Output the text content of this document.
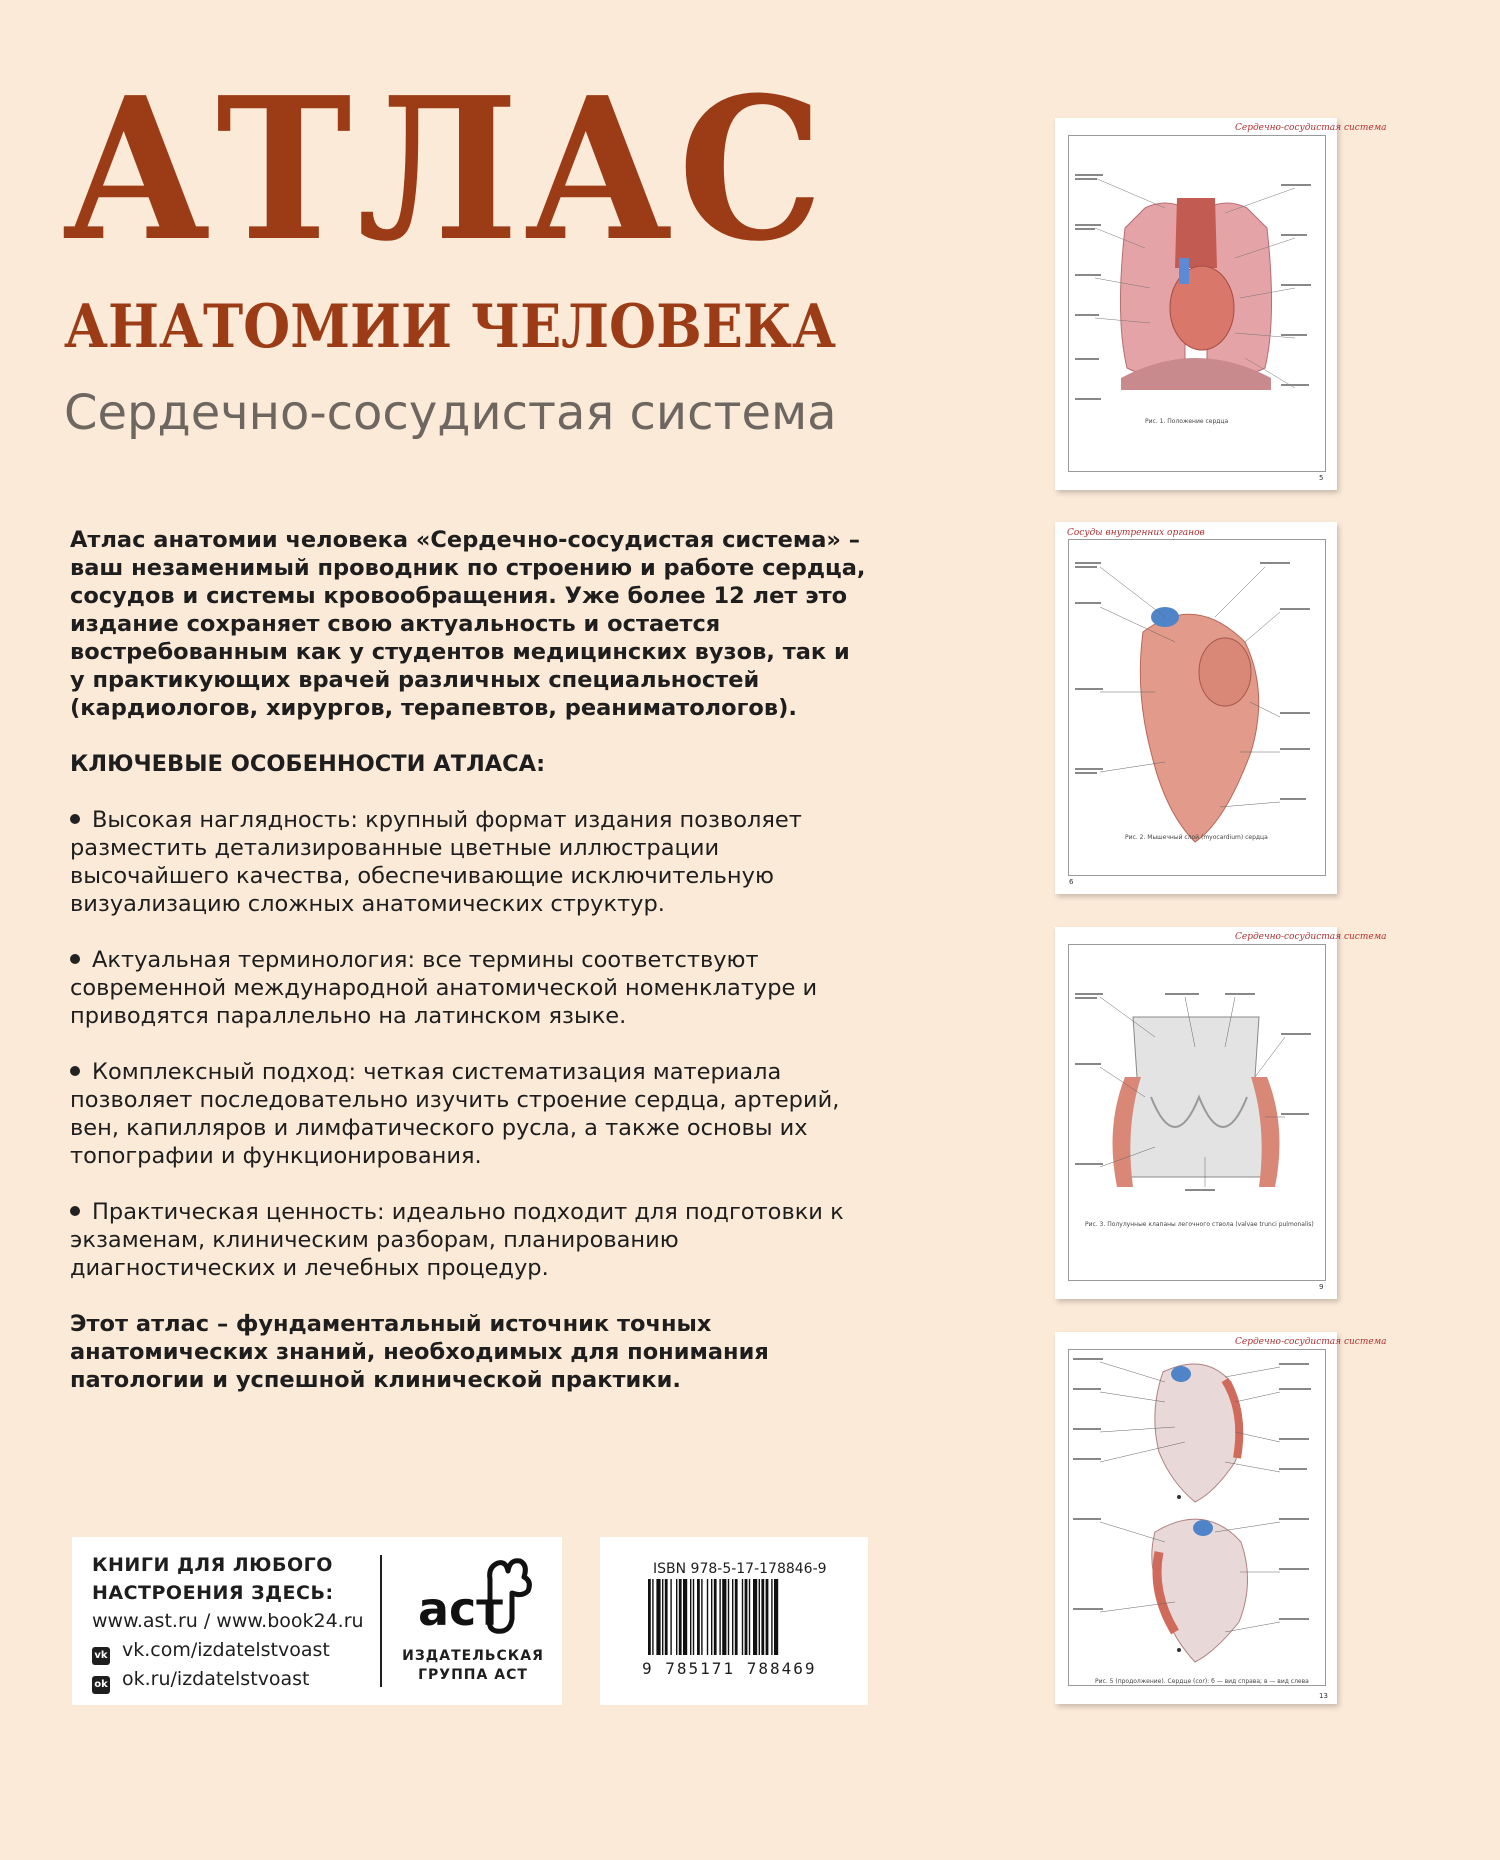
АТЛАС
АНАТОМИИ ЧЕЛОВЕКА
Сердечно-сосудистая система

Атлас анатомии человека «Сердечно-сосудистая система» – ваш незаменимый проводник по строению и работе сердца, сосудов и системы кровообращения. Уже более 12 лет это издание сохраняет свою актуальность и остается востребованным как у студентов медицинских вузов, так и у практикующих врачей различных специальностей (кардиологов, хирургов, терапевтов, реаниматологов).

КЛЮЧЕВЫЕ ОСОБЕННОСТИ АТЛАСА:

Высокая наглядность: крупный формат издания позволяет разместить детализированные цветные иллюстрации высочайшего качества, обеспечивающие исключительную визуализацию сложных анатомических структур.

Актуальная терминология: все термины соответствуют современной международной анатомической номенклатуре и приводятся параллельно на латинском языке.

Комплексный подход: четкая систематизация материала позволяет последовательно изучить строение сердца, артерий, вен, капилляров и лимфатического русла, а также основы их топографии и функционирования.

Практическая ценность: идеально подходит для подготовки к экзаменам, клиническим разборам, планированию диагностических и лечебных процедур.

Этот атлас – фундаментальный источник точных анатомических знаний, необходимых для понимания патологии и успешной клинической практики.

КНИГИ ДЛЯ ЛЮБОГО

НАСТРОЕНИЯ ЗДЕСЬ:

www.ast.ru / www.book24.ru

vk vk.com/izdatelstvoast

ok ok.ru/izdatelstvoast

аст
ИЗДАТЕЛЬСКАЯ
ГРУППА АСТ
ISBN 978-5-17-178846-9
9 785171 788469
Сердечно-сосудистая система
Рис. 1. Положение сердца
5
Сосуды внутренних органов
Рис. 2. Мышечный слой (myocardium) сердца
6
Сердечно-сосудистая система
Рис. 3. Полулунные клапаны легочного ствола (valvae trunci pulmonalis)
9
Сердечно-сосудистая система
Рис. 5 (продолжение). Сердце (cor): б — вид справа; в — вид слева
13
